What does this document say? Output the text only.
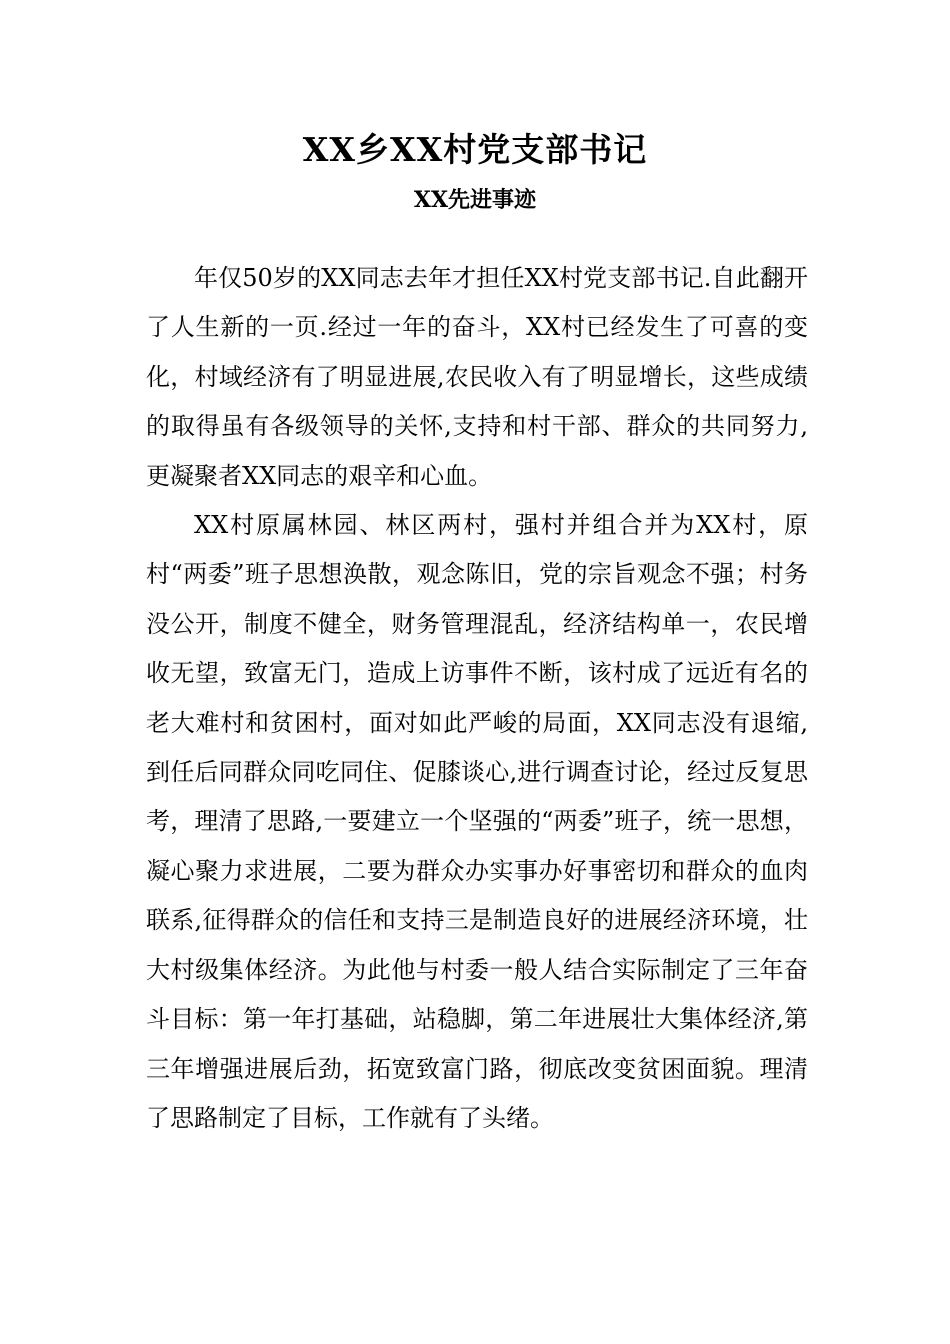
XX乡XX村党支部书记
XX先进事迹

年仅50岁的XX同志去年才担任XX村党支部书记.自此翻开了人生新的一页.经过一年的奋斗，XX村已经发生了可喜的变化，村域经济有了明显进展,农民收入有了明显增长，这些成绩的取得虽有各级领导的关怀,支持和村干部、群众的共同努力,更凝聚者XX同志的艰辛和心血。

XX村原属林园、林区两村，强村并组合并为XX村，原村“两委”班子思想涣散，观念陈旧，党的宗旨观念不强；村务没公开，制度不健全，财务管理混乱，经济结构单一，农民增收无望，致富无门，造成上访事件不断，该村成了远近有名的老大难村和贫困村，面对如此严峻的局面，XX同志没有退缩,到任后同群众同吃同住、促膝谈心,进行调查讨论，经过反复思考，理清了思路,一要建立一个坚强的“两委”班子，统一思想，凝心聚力求进展，二要为群众办实事办好事密切和群众的血肉联系,征得群众的信任和支持三是制造良好的进展经济环境，壮大村级集体经济。为此他与村委一般人结合实际制定了三年奋斗目标：第一年打基础，站稳脚，第二年进展壮大集体经济,第三年增强进展后劲，拓宽致富门路，彻底改变贫困面貌。理清了思路制定了目标，工作就有了头绪。
